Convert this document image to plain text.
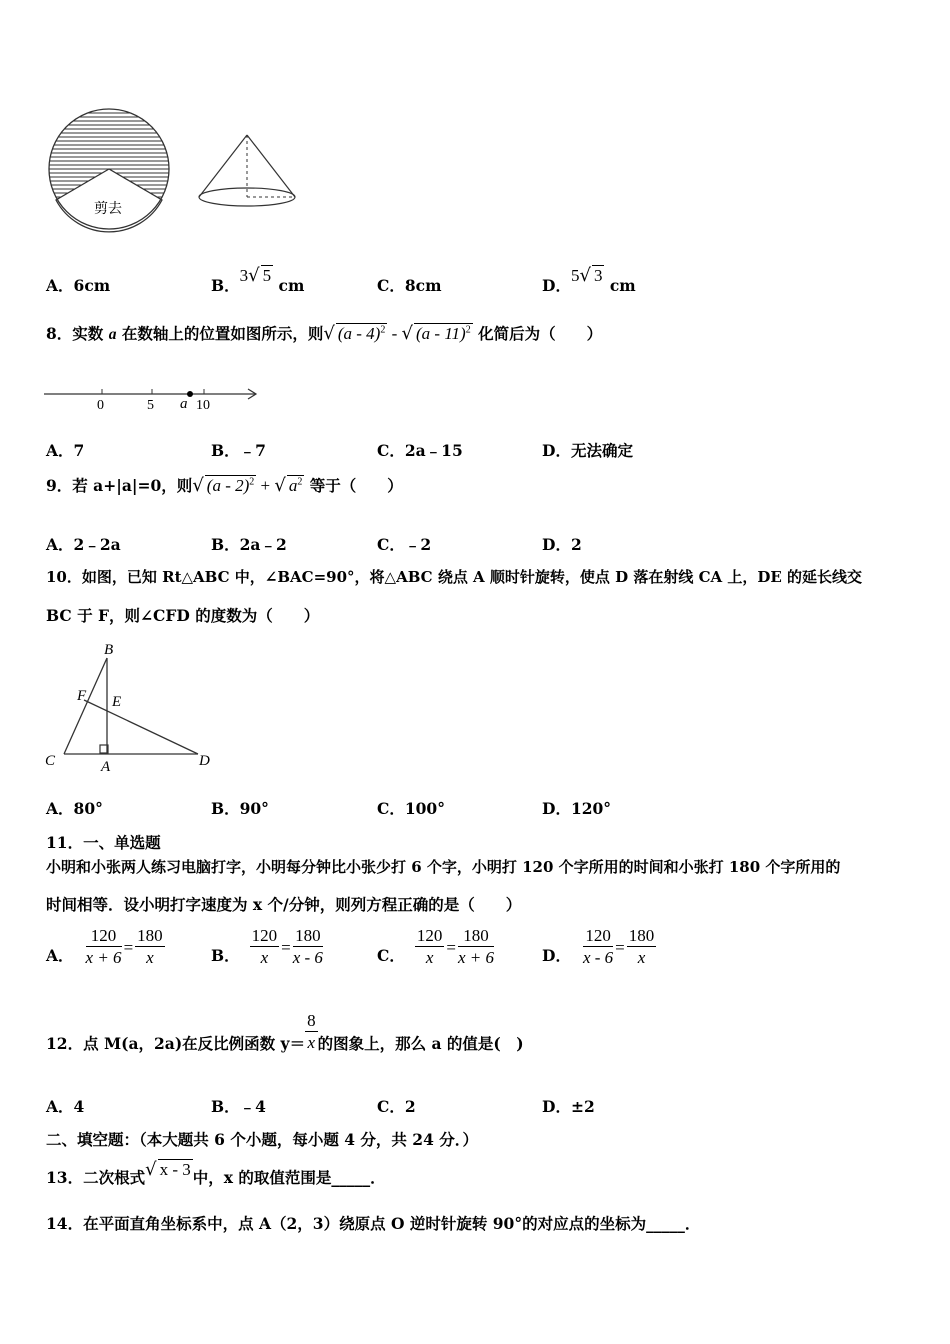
剪去
A．6cm	B．3√ 5 cm	C．8cm	D．5√ 3 cm
8．实数 a 在数轴上的位置如图所示，则√ (a - 4)$^2$ - √ (a - 11)$^2$ 化简后为（　　）
0	5	10
a
A．7	B．﹣7	C．2a﹣15	D．无法确定
9．若 a+|a|=0，则√ (a - 2)$^2$ + √ $a^2$ 等于（　　）
A．2﹣2a	B．2a﹣2	C．﹣2	D．2
10．如图，已知 Rt△ABC 中，∠BAC=90°，将△ABC 绕点 A 顺时针旋转，使点 D 落在射线 CA 上，DE 的延长线交
BC 于 F，则∠CFD 的度数为（　　）
B
F E
C	A	D
A．80°	B．90°	C．100°	D．120°
11．一、单选题
小明和小张两人练习电脑打字，小明每分钟比小张少打 6 个字，小明打 120 个字所用的时间和小张打 180 个字所用的
时间相等．设小明打字速度为 x 个/分钟，则列方程正确的是（　　）
A． $\frac{120}{x + 6} = \frac{180}{x}$	B． $\frac{120}{x} = \frac{180}{x - 6}$	C． $\frac{120}{x} = \frac{180}{x + 6}$	D． $\frac{120}{x - 6} = \frac{180}{x}$
12．点 M(a，2a)在反比例函数 $y= \frac{8}{x}$ 的图象上，那么 a 的值是(　)
A．4	B．﹣4	C．2	D．±2
二、填空题：（本大题共 6 个小题，每小题 4 分，共 24 分．）
13．二次根式√ x - 3 中，x 的取值范围是_____．
14．在平面直角坐标系中，点 A（2，3）绕原点 O 逆时针旋转 90°的对应点的坐标为_____．
